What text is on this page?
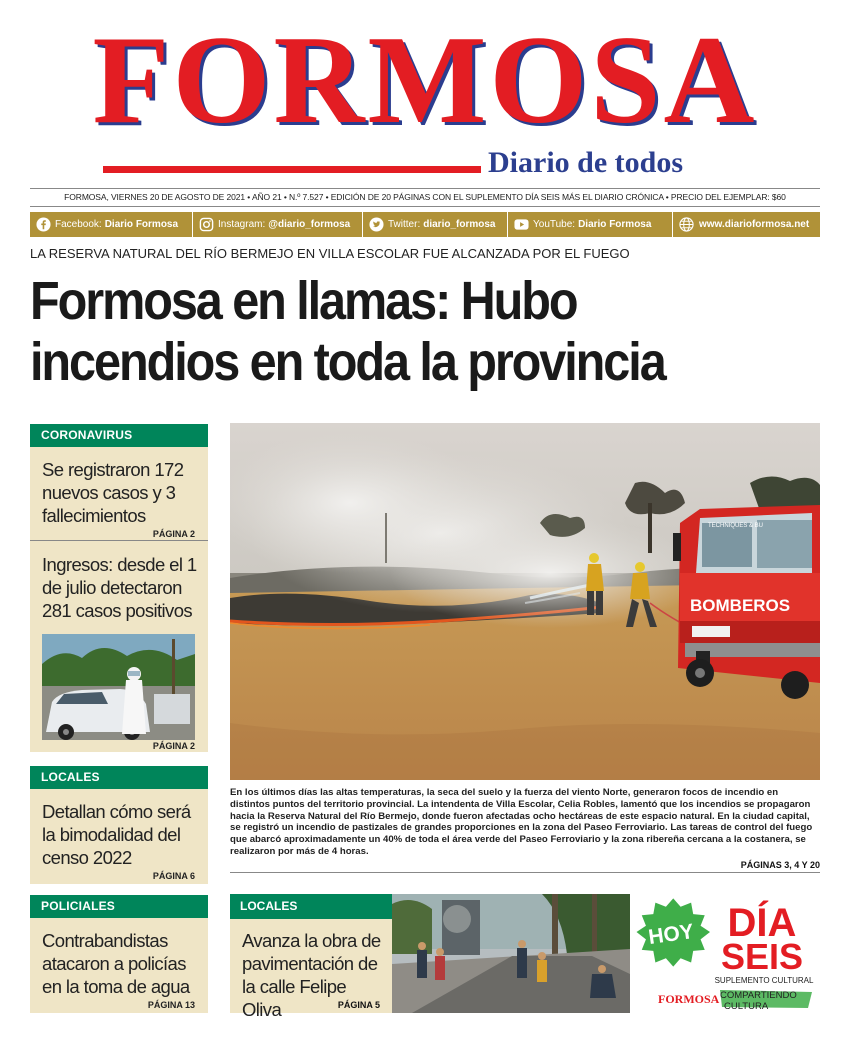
FORMOSA
Diario de todos
FORMOSA, VIERNES 20 DE AGOSTO DE 2021 • AÑO 21 • N.º 7.527 • EDICIÓN DE 20 PÁGINAS CON EL SUPLEMENTO DÍA SEIS MÁS EL DIARIO CRÓNICA • PRECIO DEL EJEMPLAR: $60
Facebook: Diario Formosa	Instagram: @diario_formosa	Twitter: diario_formosa	YouTube: Diario Formosa	www.diarioformosa.net
LA RESERVA NATURAL DEL RÍO BERMEJO EN VILLA ESCOLAR FUE ALCANZADA POR EL FUEGO
Formosa en llamas: Hubo
incendios en toda la provincia
CORONAVIRUS
Se registraron 172 nuevos casos y 3 fallecimientos
PÁGINA 2
Ingresos: desde el 1 de julio detectaron 281 casos positivos
PÁGINA 2
LOCALES
Detallan cómo será la bimodalidad del censo 2022
PÁGINA 6
POLICIALES
Contrabandistas atacaron a policías en la toma de agua
PÁGINA 13
BOMBEROS
TECHNIQUES & BU
En los últimos días las altas temperaturas, la seca del suelo y la fuerza del viento Norte, generaron focos de incendio en distintos puntos del territorio provincial. La intendenta de Villa Escolar, Celia Robles, lamentó que los incendios se propagaron hacia la Reserva Natural del Río Bermejo, donde fueron afectadas ocho hectáreas de este espacio natural. En la ciudad capital, se registró un incendio de pastizales de grandes proporciones en la zona del Paseo Ferroviario. Las tareas de control del fuego que abarcó aproximadamente un 40% de toda el área verde del Paseo Ferroviario y la zona ribereña cercana a la costanera, se realizaron por más de 4 horas.
PÁGINAS 3, 4 Y 20
LOCALES
Avanza la obra de pavimentación de la calle Felipe Oliva	PÁGINA 5
HOY DÍA
SEIS
SUPLEMENTO CULTURAL
FORMOSA COMPARTIENDO
CULTURA
